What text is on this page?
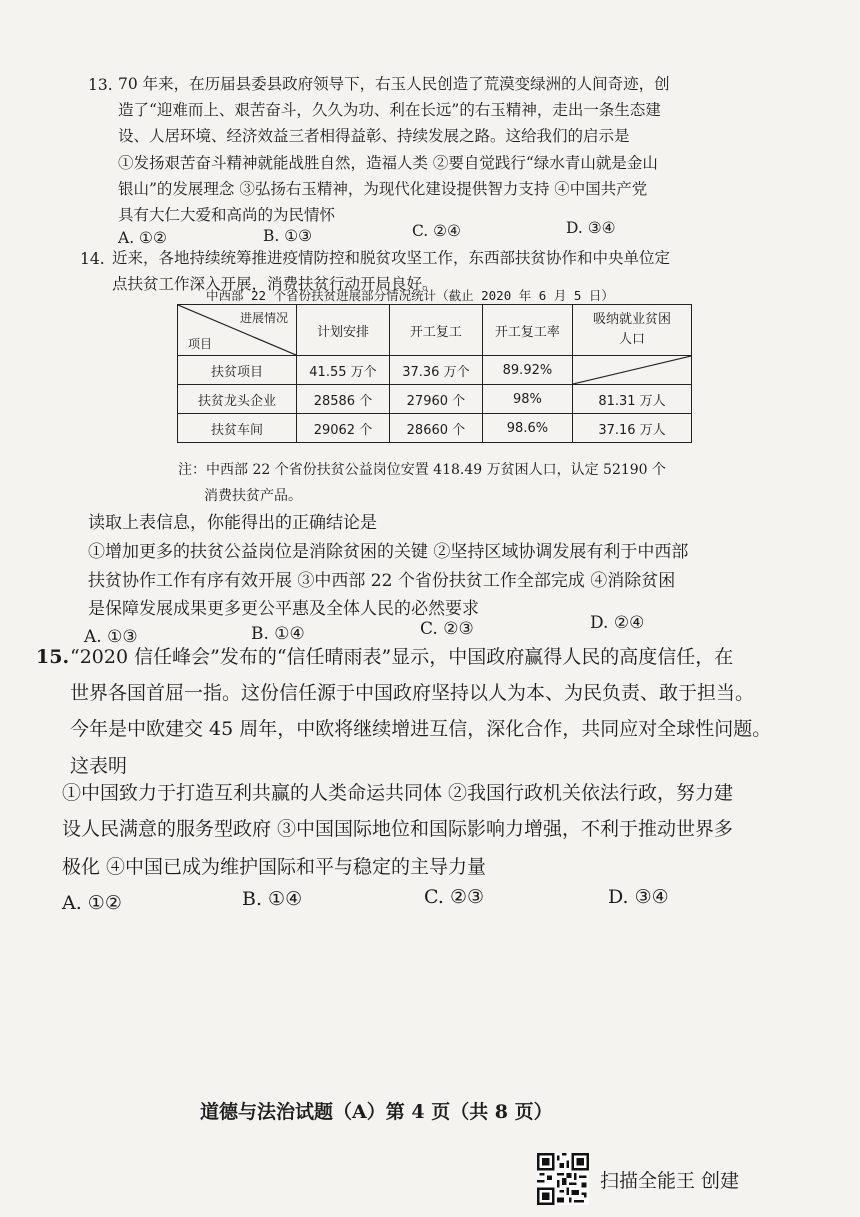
13. 70 年来，在历届县委县政府领导下，右玉人民创造了荒漠变绿洲的人间奇迹，创
造了“迎难而上、艰苦奋斗，久久为功、利在长远”的右玉精神，走出一条生态建
设、人居环境、经济效益三者相得益彰、持续发展之路。这给我们的启示是
①发扬艰苦奋斗精神就能战胜自然，造福人类 ②要自觉践行“绿水青山就是金山
银山”的发展理念 ③弘扬右玉精神，为现代化建设提供智力支持 ④中国共产党
具有大仁大爱和高尚的为民情怀
A. ①②	B. ①③	C. ②④	D. ③④
14. 近来，各地持续统筹推进疫情防控和脱贫攻坚工作，东西部扶贫协作和中央单位定
点扶贫工作深入开展，消费扶贫行动开局良好。
中西部 22 个省份扶贫进展部分情况统计（截止 2020 年 6 月 5 日）
进展情况
项目	计划安排	开工复工	开工复工率	吸纳就业贫困人口

扶贫项目	41.55 万个	37.36 万个	89.92%	

扶贫龙头企业	28586 个	27960 个	98%	81.31 万人
扶贫车间	29062 个	28660 个	98.6%	37.16 万人
注：中西部 22 个省份扶贫公益岗位安置 418.49 万贫困人口，认定 52190 个
消费扶贫产品。
读取上表信息，你能得出的正确结论是
①增加更多的扶贫公益岗位是消除贫困的关键 ②坚持区域协调发展有利于中西部
扶贫协作工作有序有效开展 ③中西部 22 个省份扶贫工作全部完成 ④消除贫困
是保障发展成果更多更公平惠及全体人民的必然要求
A. ①③	B. ①④	C. ②③	D. ②④
15. “2020 信任峰会”发布的“信任晴雨表”显示，中国政府赢得人民的高度信任，在
世界各国首屈一指。这份信任源于中国政府坚持以人为本、为民负责、敢于担当。
今年是中欧建交 45 周年，中欧将继续增进互信，深化合作，共同应对全球性问题。
这表明
①中国致力于打造互利共赢的人类命运共同体 ②我国行政机关依法行政，努力建
设人民满意的服务型政府 ③中国国际地位和国际影响力增强，不利于推动世界多
极化 ④中国已成为维护国际和平与稳定的主导力量
A. ①②	B. ①④	C. ②③	D. ③④
道德与法治试题（A）第 4 页（共 8 页）
扫描全能王 创建
